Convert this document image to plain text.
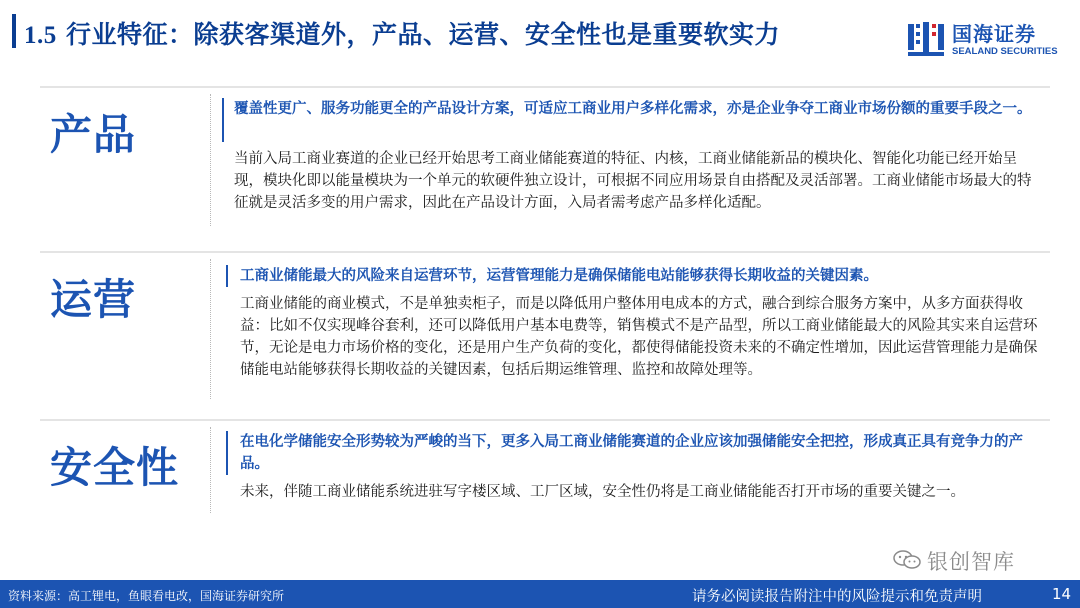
1.5 行业特征：除获客渠道外，产品、运营、安全性也是重要软实力	国海证券
SEALAND SECURITIES
产品
覆盖性更广、服务功能更全的产品设计方案，可适应工商业用户多样化需求，亦是企业争夺工商业市场份额的重要手段之一。
当前入局工商业赛道的企业已经开始思考工商业储能赛道的特征、内核，工商业储能新品的模块化、智能化功能已经开始呈现，模块化即以能量模块为一个单元的软硬件独立设计，可根据不同应用场景自由搭配及灵活部署。工商业储能市场最大的特征就是灵活多变的用户需求，因此在产品设计方面，入局者需考虑产品多样化适配。
运营	工商业储能最大的风险来自运营环节，运营管理能力是确保储能电站能够获得长期收益的关键因素。
工商业储能的商业模式，不是单独卖柜子，而是以降低用户整体用电成本的方式，融合到综合服务方案中，从多方面获得收益：比如不仅实现峰谷套利，还可以降低用户基本电费等，销售模式不是产品型，所以工商业储能最大的风险其实来自运营环节，无论是电力市场价格的变化，还是用户生产负荷的变化，都使得储能投资未来的不确定性增加，因此运营管理能力是确保储能电站能够获得长期收益的关键因素，包括后期运维管理、监控和故障处理等。
安全性
在电化学储能安全形势较为严峻的当下，更多入局工商业储能赛道的企业应该加强储能安全把控，形成真正具有竞争力的产品。
未来，伴随工商业储能系统进驻写字楼区域、工厂区域，安全性仍将是工商业储能能否打开市场的重要关键之一。
银创智库
资料来源：高工锂电，鱼眼看电改，国海证券研究所	请务必阅读报告附注中的风险提示和免责声明	14
